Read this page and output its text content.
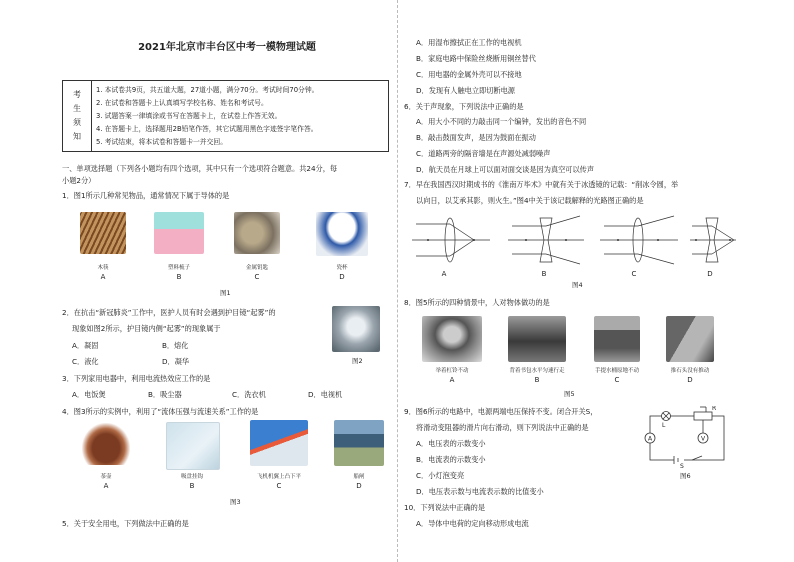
2021年北京市丰台区中考一模物理试题
考
生
须
知
1. 本试卷共9页，共五道大题，27道小题，满分70分。考试时间70分钟。
2. 在试卷和答题卡上认真填写学校名称、姓名和考试号。
3. 试题答案一律填涂或书写在答题卡上，在试卷上作答无效。
4. 在答题卡上，选择题用2B铅笔作答，其它试题用黑色字迹签字笔作答。
5. 考试结束，将本试卷和答题卡一并交回。
一、单项选择题（下列各小题均有四个选项，其中只有一个选项符合题意。共24分，每
小题2分）
1．图1所示几种常见物品，通常情况下属于导体的是
木筷	塑料梳子	金属钥匙	瓷杯
A	B	C	D
图1
2．在抗击“新冠肺炎”工作中，医护人员有时会遇到护目镜“起雾”的
现象如图2所示，护目镜内侧“起雾”的现象属于
A．凝固	B．熔化
C．液化	D．凝华	图2
3．下列家用电器中，利用电流热效应工作的是
A．电饭煲	B．吸尘器	C．洗衣机	D．电视机
4．图3所示的实例中，利用了“流体压强与流速关系”工作的是
茶壶	吸盘挂钩	飞机机翼上凸下平	船闸
A	B	C	D
图3
5．关于安全用电，下列做法中正确的是
A．用湿布擦拭正在工作的电视机
B．家庭电路中保险丝烧断用铜丝替代
C．用电器的金属外壳可以不接地
D．发现有人触电立即切断电源
6．关于声现象，下列说法中正确的是
A．用大小不同的力敲击同一个编钟，发出的音色不同
B．敲击鼓面发声，是因为鼓面在振动
C．道路两旁的隔音墙是在声源处减弱噪声
D．航天员在月球上可以面对面交谈是因为真空可以传声
7．早在我国西汉时期成书的《淮南万毕术》中就有关于冰透镜的记载：“削冰令圆，举
以向日，以艾承其影，则火生。”图4中关于该记载解释的光路图正确的是
A	B	C	D
图4
8．图5所示的四种情景中，人对物体做功的是
举着杠铃不动	背着书包水平匀速行走	手提水桶原地不动	推石头没有推动
A	B	C	D
图5
9．图6所示的电路中，电源两端电压保持不变。闭合开关S，
将滑动变阻器的滑片向右滑动，则下列说法中正确的是
A．电压表的示数变小
B．电流表的示数变小
C．小灯泡变亮
D．电压表示数与电流表示数的比值变小
A	V
L
R
S
图6
10．下列说法中正确的是
A．导体中电荷的定向移动形成电流
